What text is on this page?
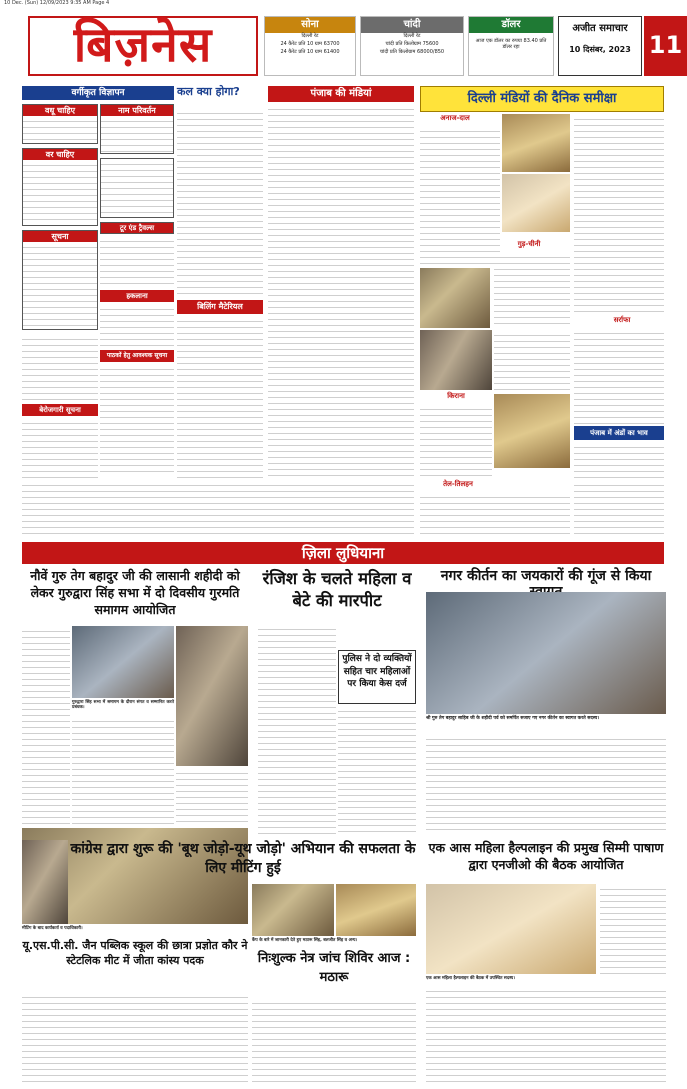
10 Dec. (Sun) 12/09/2023 9:35 AM Page 4
बिज़नेस	सोना
दिल्ली रेट
24 कैरेट प्रति 10 ग्राम 63700
24 कैरेट प्रति 10 ग्राम 61400
चांदी
दिल्ली रेट
चांदी प्रति किलोग्राम 75600
चांदी प्रति किलोग्राम 68000/850
डॉलर
आज एक डॉलर का रुपया 83.40 प्रति डॉलर रहा
अजीत समाचार
10 दिसंबर, 2023 11
वर्गीकृत विज्ञापन
वधू चाहिए	नाम परिवर्तन
वर चाहिए
सूचना
टूर एंड ट्रैवल्स
हकलाना
बेरोजगारी सूचना
पाठकों हेतु आवश्यक सूचना
कल क्या होगा?
बिलिंग मैटेरियल
पंजाब की मंडियां	दिल्ली मंडियों की दैनिक समीक्षा
अनाज-दाल
गुड़-चीनी
सर्राफा
किराना
पंजाब में अंडों का भाव
तेल-तिलहन
ज़िला लुधियाना
नौवें गुरु तेग बहादुर जी की लासानी शहीदी को लेकर गुरुद्वारा सिंह सभा में दो दिवसीय गुरमति समागम आयोजित
गुरुद्वारा सिंह सभा में समागम के दौरान संगत व सम्मानित करते प्रबंधक।
रंजिश के चलते महिला व बेटे की मारपीट
पुलिस ने दो व्यक्तियों सहित चार महिलाओं पर किया केस दर्ज
नगर कीर्तन का जयकारों की गूंज से किया
श्री गुरु तेग बहादुर साहिब जी के शहीदी पर्व को समर्पित सजाए गए नगर कीर्तन का स्वागत करते सदस्य।
कांग्रेस द्वारा शुरू की 'बूथ जोड़ो-यूथ जोड़ो' अभियान की सफलता के लिए मीटिंग हुई
मीटिंग के बाद कार्यकर्ता व पदाधिकारी।
एक आस महिला हैल्पलाइन की प्रमुख सिम्मी पाषाण द्वारा एनजीओ की बैठक आयोजित
एक आस महिला हैल्पलाइन की बैठक में उपस्थित सदस्य।
यू.एस.पी.सी. जैन पब्लिक स्कूल की छात्रा प्रज्ञोत कौर ने स्टेटलिक मीट में जीता कांस्य पदक
कैंप के बारे में जानकारी देते हुए मठारू सिंह, बलजीत सिंह व अन्य।
निःशुल्क नेत्र जांच शिविर आज : मठारू
प
